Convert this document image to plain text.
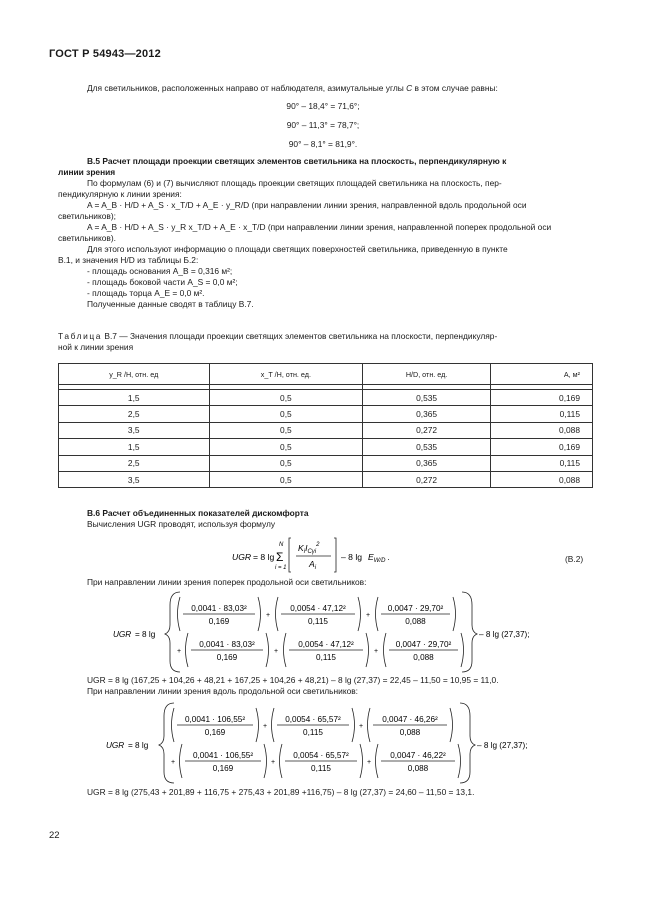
ГОСТ Р 54943—2012
Для светильников, расположенных направо от наблюдателя, азимутальные углы С в этом случае равны:
90° – 18,4° = 71,6°;
90° – 11,3° = 78,7°;
90° – 8,1° = 81,9°.
В.5 Расчет площади проекции светящих элементов светильника на плоскость, перпендикулярную к
линии зрения
По формулам (6) и (7) вычисляют площадь проекции светящих площадей светильника на плоскость, пер-
пендикулярную к линии зрения:
A = A_B · H/D + A_S · x_T/D + A_E · y_R/D (при направлении линии зрения, направленной вдоль продольной оси
светильников);
A = A_B · H/D + A_S · y_R x_T/D + A_E · x_T/D (при направлении линии зрения, направленной поперек продольной оси
светильников).
Для этого используют информацию о площади светящих поверхностей светильника, приведенную в пункте
В.1, и значения H/D из таблицы Б.2:
- площадь основания A_B = 0,316 м²;
- площадь боковой части A_S = 0,0 м²;
- площадь торца A_E = 0,0 м².
Полученные данные сводят в таблицу В.7.
Таблица В.7 — Значения площади проекции светящих элементов светильника на плоскости, перпендикуляр-
ной к линии зрения
y_R /H, отн. ед	x_T /H, отн. ед.	H/D, отн. ед.	A, м²

1,5	0,5	0,535	0,169
2,5	0,5	0,365	0,115
3,5	0,5	0,272	0,088
1,5	0,5	0,535	0,169
2,5	0,5	0,365	0,115
3,5	0,5	0,272	0,088
В.6 Расчет объединенных показателей дискомфорта
Вычисления UGR проводят, используя формулу
(В.2)
При направлении линии зрения поперек продольной оси светильников:
UGR = 8 lg (167,25 + 104,26 + 48,21 + 167,25 + 104,26 + 48,21) – 8 lg (27,37) = 22,45 – 11,50 = 10,95 = 11,0.
При направлении линии зрения вдоль продольной оси светильников:
UGR = 8 lg (275,43 + 201,89 + 116,75 + 275,43 + 201,89 +116,75) – 8 lg (27,37) = 24,60 – 11,50 = 13,1.
UGR = 8 lg
N
Σ
i = 1
$K_iI_{C\gamma i}^2$
$A_i$
– 8 $\lg E_{W/D}$ .
UGR = 8 lg	– 8 lg (27,37);
0,0041 · 83,03²
0,169
+
0,0054 · 47,12²
0,115
+
0,0047 · 29,70²
0,088
0,0041 · 83,03²
0,169
+
0,0054 · 47,12²
0,115
+
0,0047 · 29,70²
0,088
+
UGR = 8 lg	– 8 lg (27,37);
0,0041 · 106,55²
0,169
+
0,0054 · 65,57²
0,115
+
0,0047 · 46,26²
0,088
0,0041 · 106,55²
0,169
+
0,0054 · 65,57²
0,115
+
0,0047 · 46,22²
0,088
+
22
